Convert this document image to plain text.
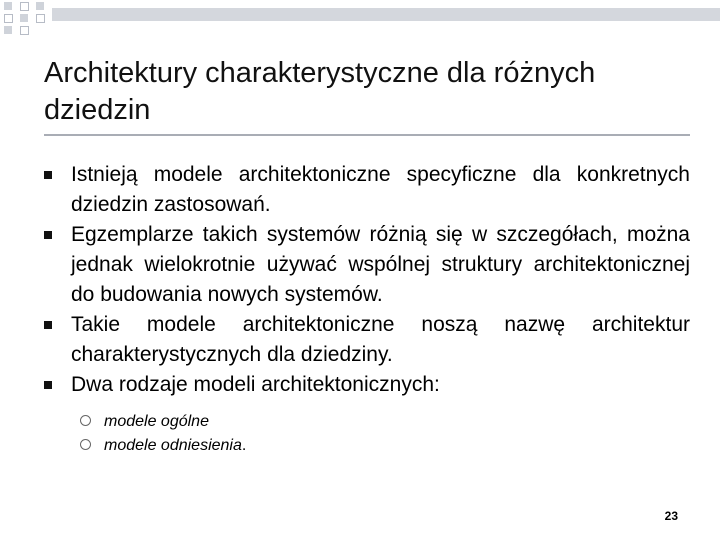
Architektury charakterystyczne dla różnych dziedzin
Istnieją modele architektoniczne specyficzne dla konkretnych dziedzin zastosowań.
Egzemplarze takich systemów różnią się w szczegółach, można jednak wielokrotnie używać wspólnej struktury architektonicznej do budowania nowych systemów.
Takie modele architektoniczne noszą nazwę architektur charakterystycznych dla dziedziny.
Dwa rodzaje modeli architektonicznych:
modele ogólne
modele odniesienia.
23
